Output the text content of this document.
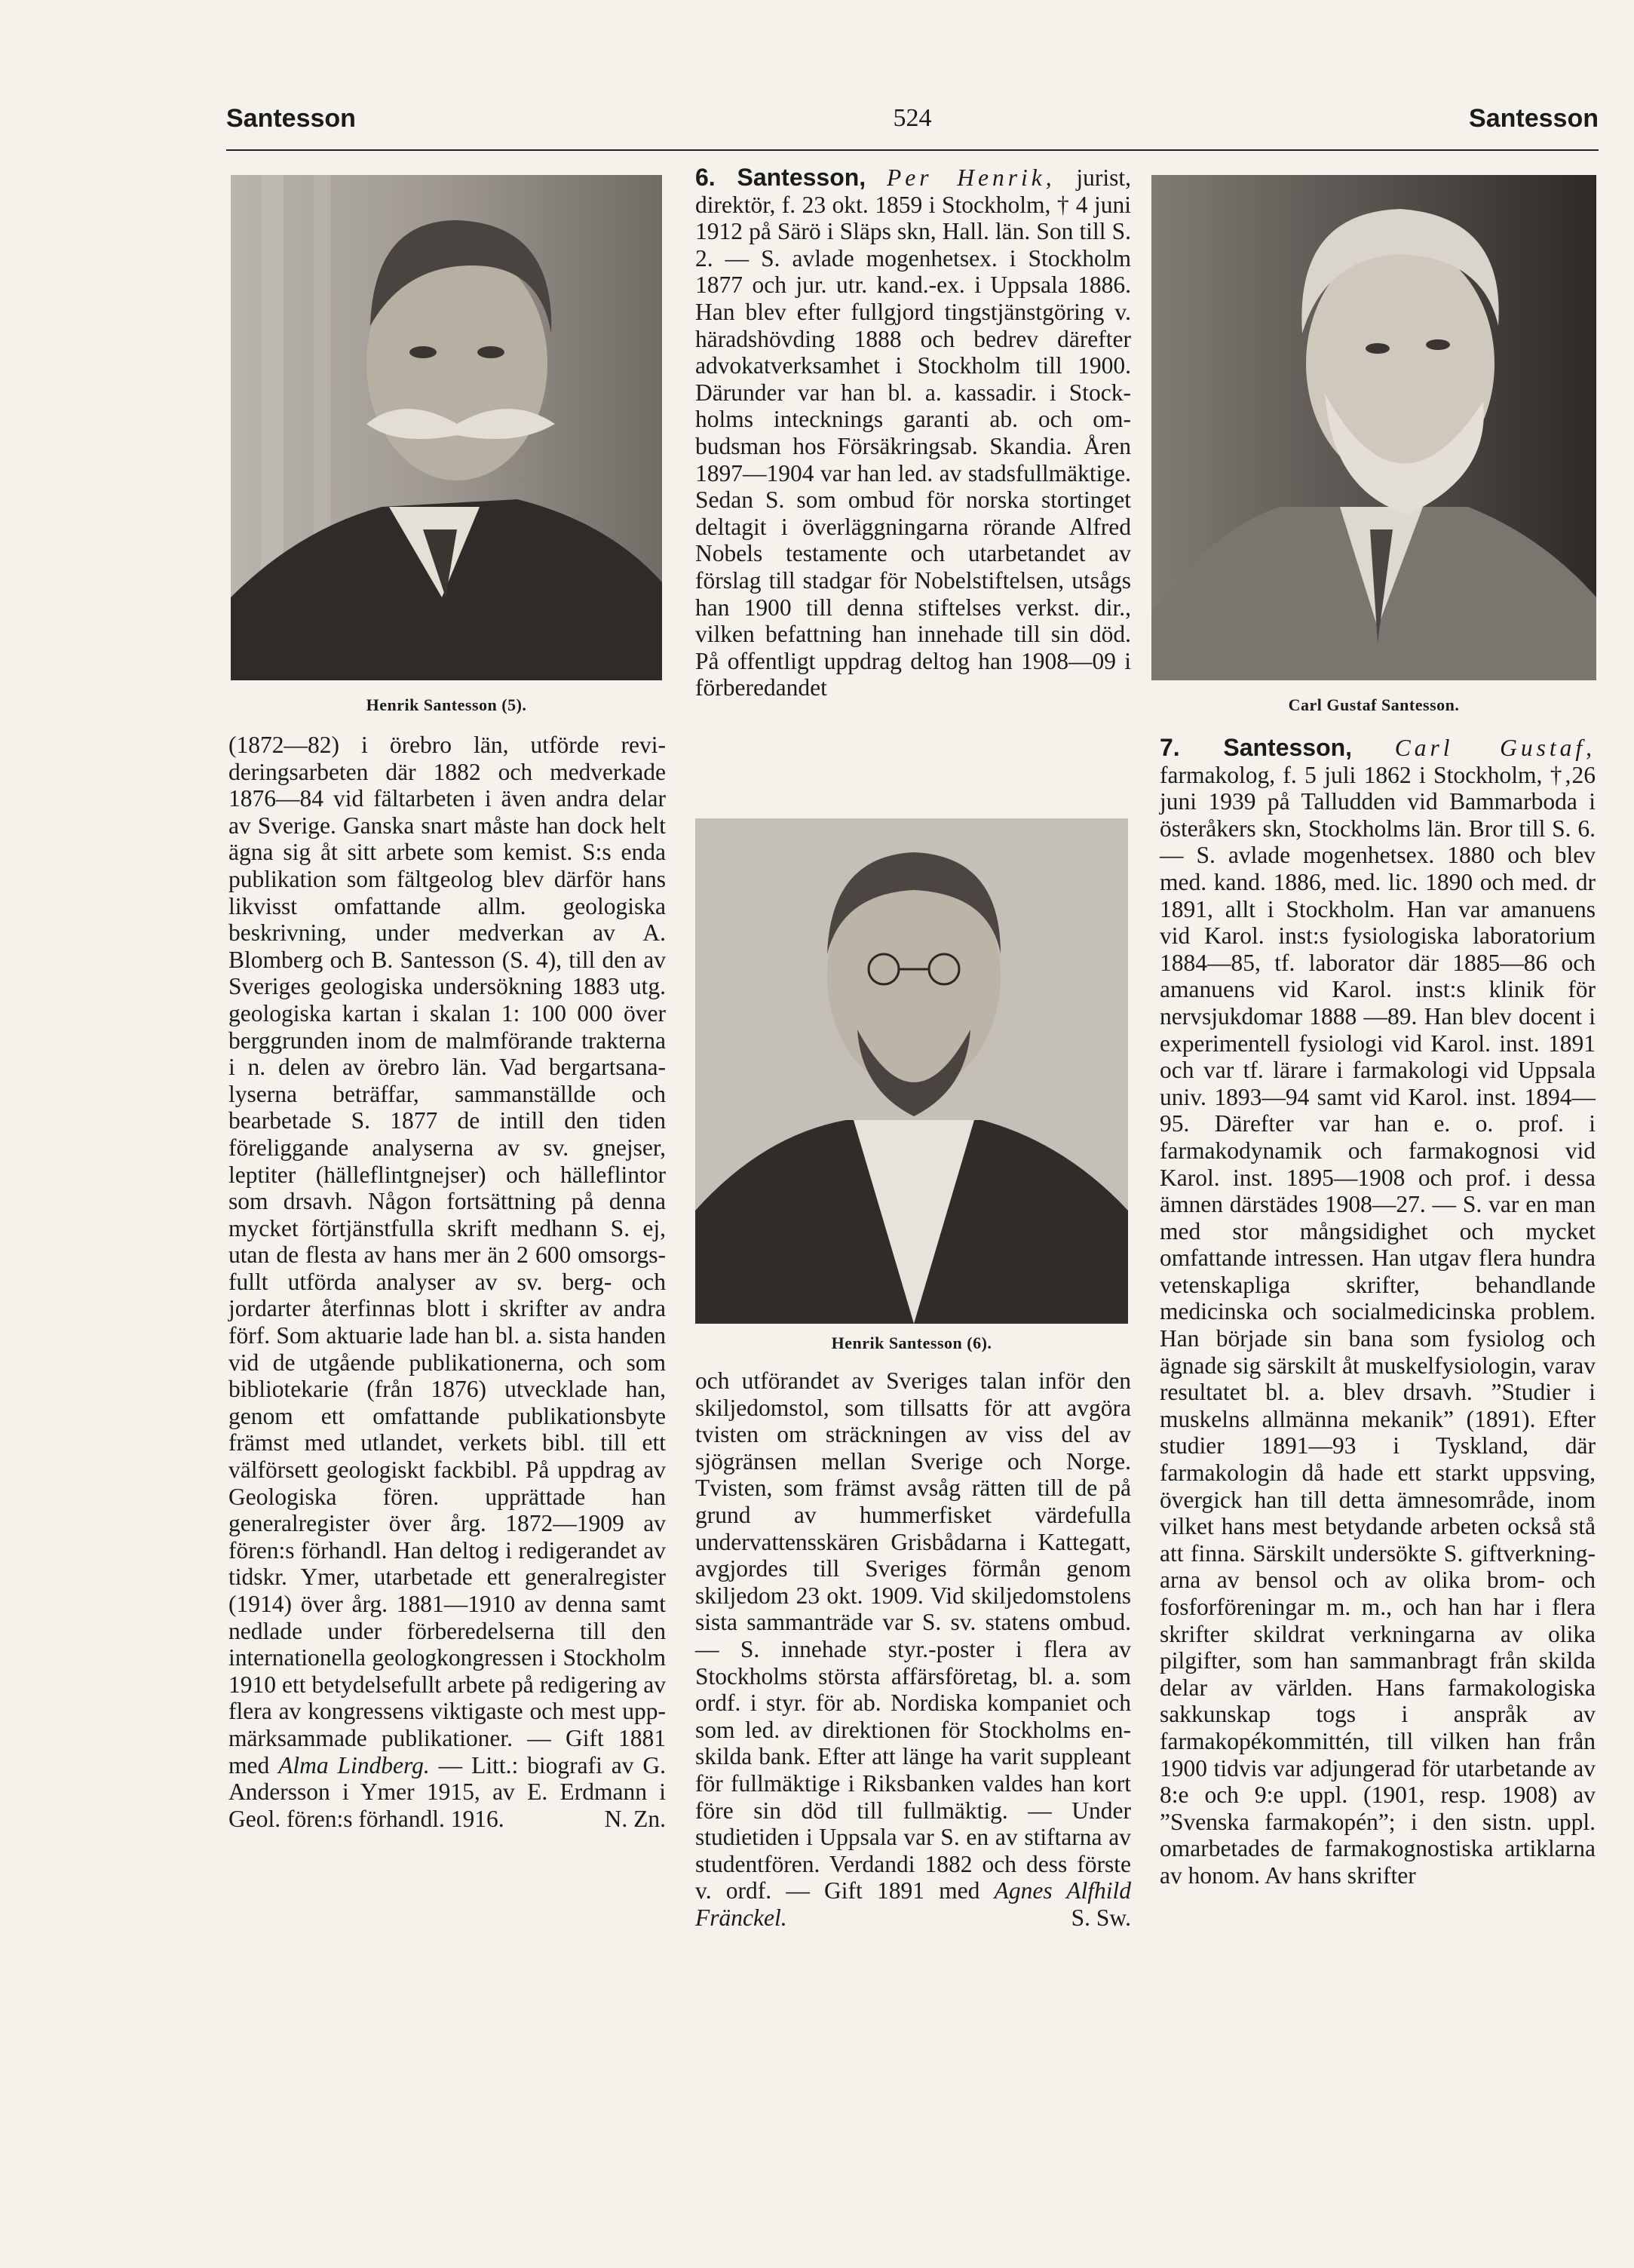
Santesson	524	Santesson
Henrik Santesson (5).	Carl Gustaf Santesson.
Henrik Santesson (6).

(1872—82) i örebro län, utförde revideringsarbeten där 1882 och medverkade 1876—84 vid fältarbeten i även andra delar av Sverige. Ganska snart måste han dock helt ägna sig åt sitt arbete som kemist. S:s enda publikation som fältgeolog blev därför hans likvisst omfattande allm. geologiska beskrivning, under medverkan av A. Blomberg och B. Santesson (S. 4), till den av Sveriges geologiska undersökning 1883 utg. geologiska kartan i skalan 1: 100 000 över berggrunden inom de malmförande trakterna i n. delen av örebro län. Vad bergartsanalyserna beträffar, sammanställde och bearbetade S. 1877 de intill den tiden föreliggande analyserna av sv. gnejser, leptiter (hälleflintgnejser) och hälleflintor som drsavh. Någon fortsättning på denna mycket förtjänstfulla skrift medhann S. ej, utan de flesta av hans mer än 2 600 omsorgsfullt utförda analyser av sv. berg- och jordarter återfinnas blott i skrifter av andra förf. Som aktuarie lade han bl. a. sista handen vid de utgående publikationerna, och som bibliotekarie (från 1876) utvecklade han, genom ett omfattande publikationsbyte främst med utlandet, verkets bibl. till ett välförsett geologiskt fackbibl. På uppdrag av Geologiska fören. upprättade han generalregister över årg. 1872—1909 av fören:s förhandl. Han deltog i redigerandet av tidskr. Ymer, utarbetade ett generalregister (1914) över årg. 1881—1910 av denna samt nedlade under förberedelserna till den internationella geologkongressen i Stockholm 1910 ett betydelsefullt arbete på redigering av flera av kongressens viktigaste och mest uppmärksammade publikationer. — Gift 1881 med Alma Lindberg. — Litt.: biografi av G. Andersson i Ymer 1915, av E. Erdmann i Geol. fören:s förhandl. 1916.	N. Zn.

6. Santesson, Per Henrik, jurist, direktör, f. 23 okt. 1859 i Stockholm, † 4 juni 1912 på Särö i Släps skn, Hall. län. Son till S. 2. — S. avlade mogenhetsex. i Stockholm 1877 och jur. utr. kand.-ex. i Uppsala 1886. Han blev efter fullgjord tingstjänstgöring v. häradshövding 1888 och bedrev därefter advokatverksamhet i Stockholm till 1900. Därunder var han bl. a. kassadir. i Stockholms intecknings garanti ab. och ombudsman hos Försäkringsab. Skandia. Åren 1897—1904 var han led. av stadsfullmäktige. Sedan S. som ombud för norska stortinget deltagit i överläggningarna rörande Alfred Nobels testamente och utarbetandet av förslag till stadgar för Nobelstiftelsen, utsågs han 1900 till denna stiftelses verkst. dir., vilken befattning han innehade till sin död. På offentligt uppdrag deltog han 1908—09 i förberedandet

och utförandet av Sveriges talan inför den skiljedomstol, som tillsatts för att avgöra tvisten om sträckningen av viss del av sjögränsen mellan Sverige och Norge. Tvisten, som främst avsåg rätten till de på grund av hummerfisket värdefulla undervattensskären Grisbådarna i Kattegatt, avgjordes till Sveriges förmån genom skiljedom 23 okt. 1909. Vid skiljedomstolens sista sammanträde var S. sv. statens ombud. — S. innehade styr.-poster i flera av Stockholms största affärsföretag, bl. a. som ordf. i styr. för ab. Nordiska kompaniet och som led. av direktionen för Stockholms enskilda bank. Efter att länge ha varit suppleant för fullmäktige i Riksbanken valdes han kort före sin död till fullmäktig. — Under studietiden i Uppsala var S. en av stiftarna av studentfören. Verdandi 1882 och dess förste v. ordf. — Gift 1891 med Agnes Alfhild Fränckel.	S. Sw.

7. Santesson, Carl Gustaf, farmakolog, f. 5 juli 1862 i Stockholm, †‚26 juni 1939 på Talludden vid Bammarboda i österåkers skn, Stockholms län. Bror till S. 6. — S. avlade mogenhetsex. 1880 och blev med. kand. 1886, med. lic. 1890 och med. dr 1891, allt i Stockholm. Han var amanuens vid Karol. inst:s fysiologiska laboratorium 1884—85, tf. laborator där 1885—86 och amanuens vid Karol. inst:s klinik för nervsjukdomar 1888 —89. Han blev docent i experimentell fysiologi vid Karol. inst. 1891 och var tf. lärare i farmakologi vid Uppsala univ. 1893—94 samt vid Karol. inst. 1894—95. Därefter var han e. o. prof. i farmakodynamik och farmakognosi vid Karol. inst. 1895—1908 och prof. i dessa ämnen därstädes 1908—27. — S. var en man med stor mångsidighet och mycket omfattande intressen. Han utgav flera hundra vetenskapliga skrifter, behandlande medicinska och socialmedicinska problem. Han började sin bana som fysiolog och ägnade sig särskilt åt muskelfysiologin, varav resultatet bl. a. blev drsavh. ”Studier i muskelns allmänna mekanik” (1891). Efter studier 1891—93 i Tyskland, där farmakologin då hade ett starkt uppsving, övergick han till detta ämnesområde, inom vilket hans mest betydande arbeten också stå att finna. Särskilt undersökte S. giftverkningarna av bensol och av olika brom- och fosforföreningar m. m., och han har i flera skrifter skildrat verkningarna av olika pilgifter, som han sammanbragt från skilda delar av världen. Hans farmakologiska sakkunskap togs i anspråk av farmakopékommittén, till vilken han från 1900 tidvis var adjungerad för utarbetande av 8:e och 9:e uppl. (1901, resp. 1908) av ”Svenska farmakopén”; i den sistn. uppl. omarbetades de farmakognostiska artiklarna av honom. Av hans skrifter
